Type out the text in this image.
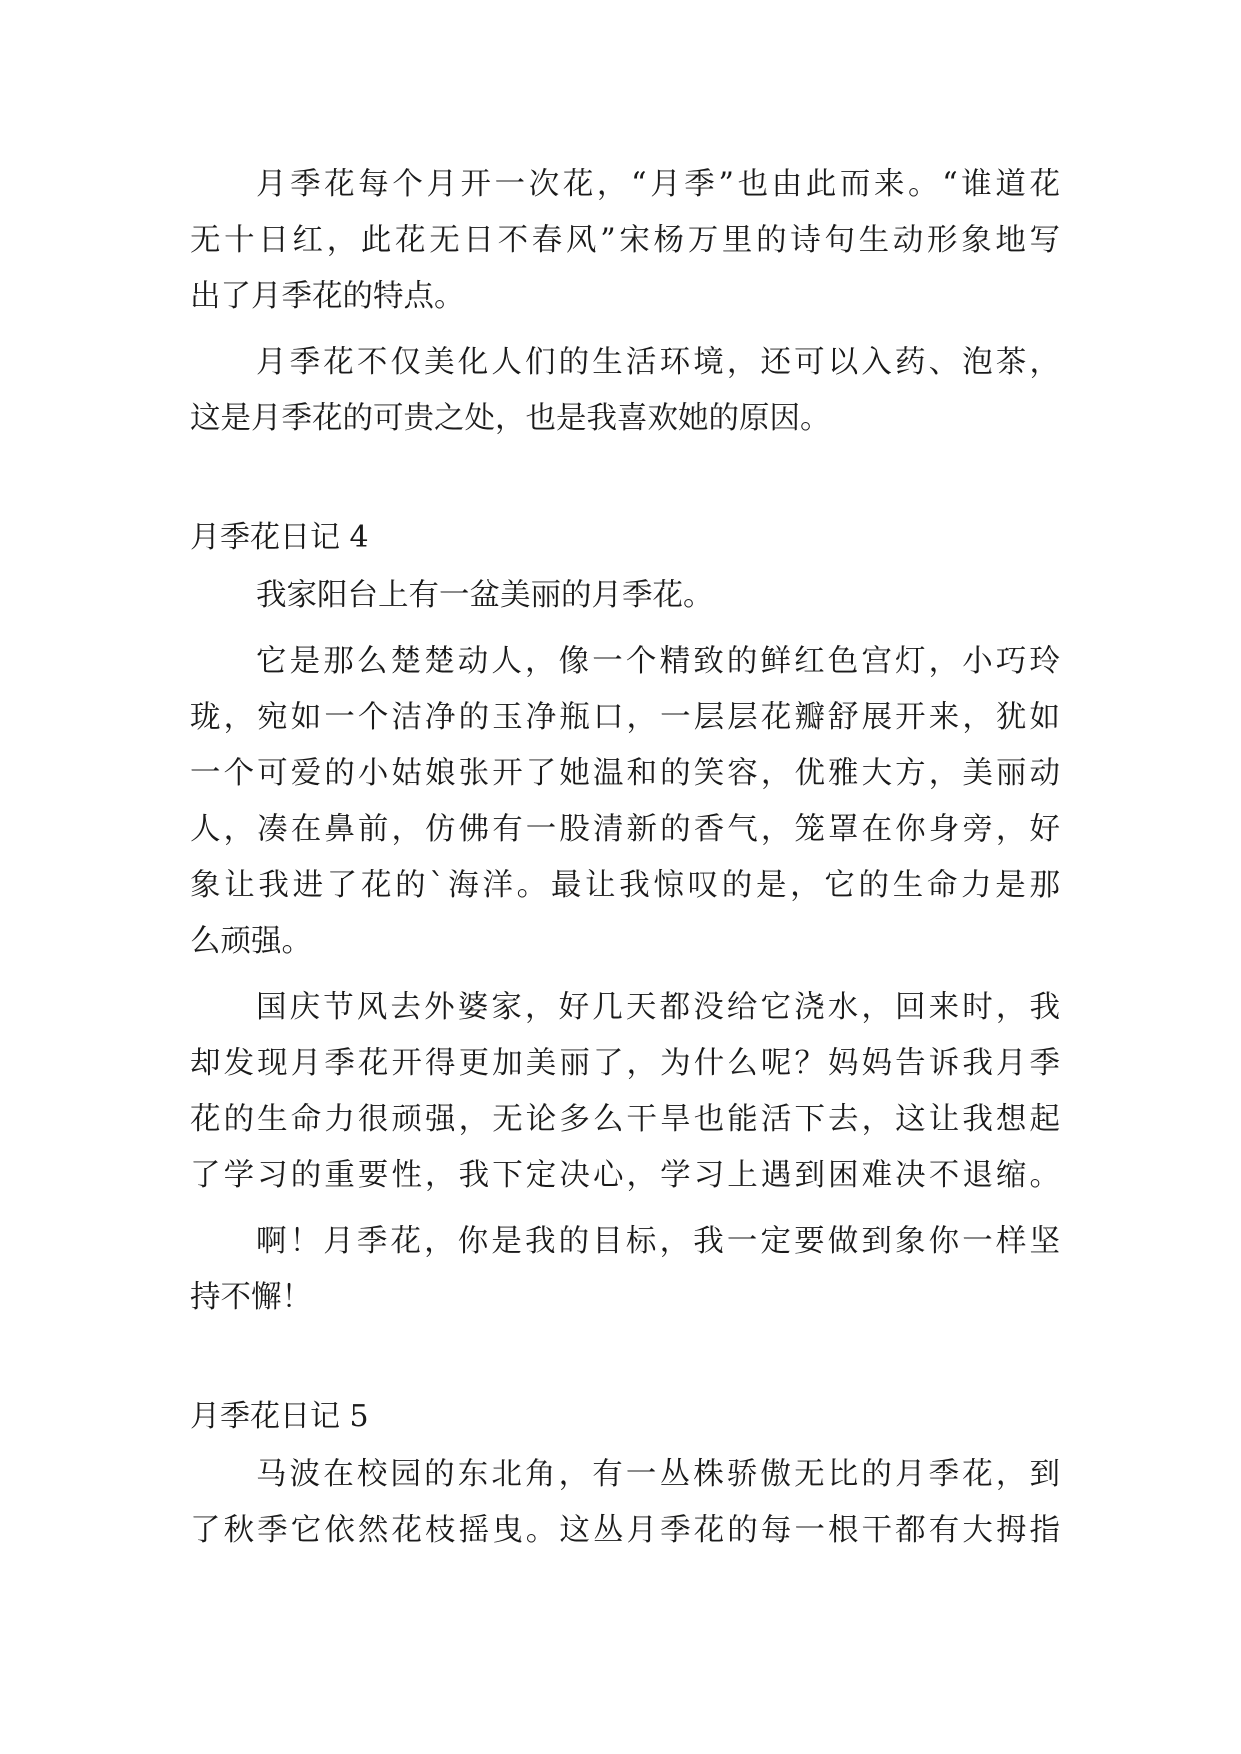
月季花每个月开一次花，“月季”也由此而来。“谁道花

无十日红，此花无日不春风”宋杨万里的诗句生动形象地写

出了月季花的特点。

月季花不仅美化人们的生活环境，还可以入药、泡茶，

这是月季花的可贵之处，也是我喜欢她的原因。

月季花日记 4

我家阳台上有一盆美丽的月季花。

它是那么楚楚动人，像一个精致的鲜红色宫灯，小巧玲

珑，宛如一个洁净的玉净瓶口，一层层花瓣舒展开来，犹如

一个可爱的小姑娘张开了她温和的笑容，优雅大方，美丽动

人，凑在鼻前，仿佛有一股清新的香气，笼罩在你身旁，好

象让我进了花的`海洋。最让我惊叹的是，它的生命力是那

么顽强。

国庆节风去外婆家，好几天都没给它浇水，回来时，我

却发现月季花开得更加美丽了，为什么呢？妈妈告诉我月季

花的生命力很顽强，无论多么干旱也能活下去，这让我想起

了学习的重要性，我下定决心，学习上遇到困难决不退缩。

啊！月季花，你是我的目标，我一定要做到象你一样坚

持不懈！

月季花日记 5

马波在校园的东北角，有一丛株骄傲无比的月季花，到

了秋季它依然花枝摇曳。这丛月季花的每一根干都有大拇指
